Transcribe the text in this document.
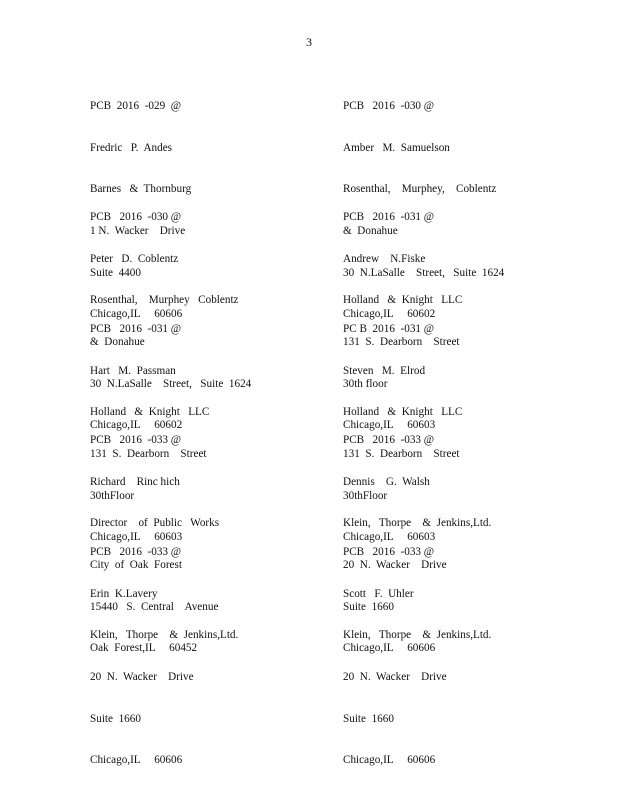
3

PCB  2016  -029  @

Fredric   P.  Andes

Barnes   &  Thornburg

1 N.  Wacker    Drive

Suite  4400

Chicago,IL     60606

PCB   2016  -030 @

Amber   M.  Samuelson

Rosenthal,    Murphey,    Coblentz

&  Donahue

30  N.LaSalle    Street,   Suite  1624

Chicago,IL     60602

PCB   2016  -030 @

Peter   D.  Coblentz

Rosenthal,    Murphey   Coblentz

&  Donahue

30  N.LaSalle    Street,   Suite  1624

Chicago,IL     60602

PCB   2016  -031 @

Andrew    N.Fiske

Holland   &  Knight   LLC

131  S.  Dearborn    Street

30th floor

Chicago,IL     60603

PCB   2016  -031 @

Hart   M.  Passman

Holland   &  Knight   LLC

131  S.  Dearborn    Street

30thFloor

Chicago,IL     60603

PC B  2016  -031 @

Steven   M.  Elrod

Holland   &  Knight   LLC

131  S.  Dearborn    Street

30thFloor

Chicago,IL     60603

PCB   2016  -033 @

Richard    Rinc hich

Director    of  Public   Works

City  of  Oak  Forest

15440   S.  Central    Avenue

Oak  Forest,IL     60452

PCB   2016  -033 @

Dennis    G.  Walsh

Klein,   Thorpe    &  Jenkins,Ltd.

20  N.  Wacker    Drive

Suite  1660

Chicago,IL     60606

PCB   2016  -033 @

Erin  K.Lavery

Klein,   Thorpe    &  Jenkins,Ltd.

20  N.  Wacker    Drive

Suite  1660

Chicago,IL     60606

PCB   2016  -033 @

Scott   F.  Uhler

Klein,   Thorpe    &  Jenkins,Ltd.

20  N.  Wacker    Drive

Suite  1660

Chicago,IL     60606
